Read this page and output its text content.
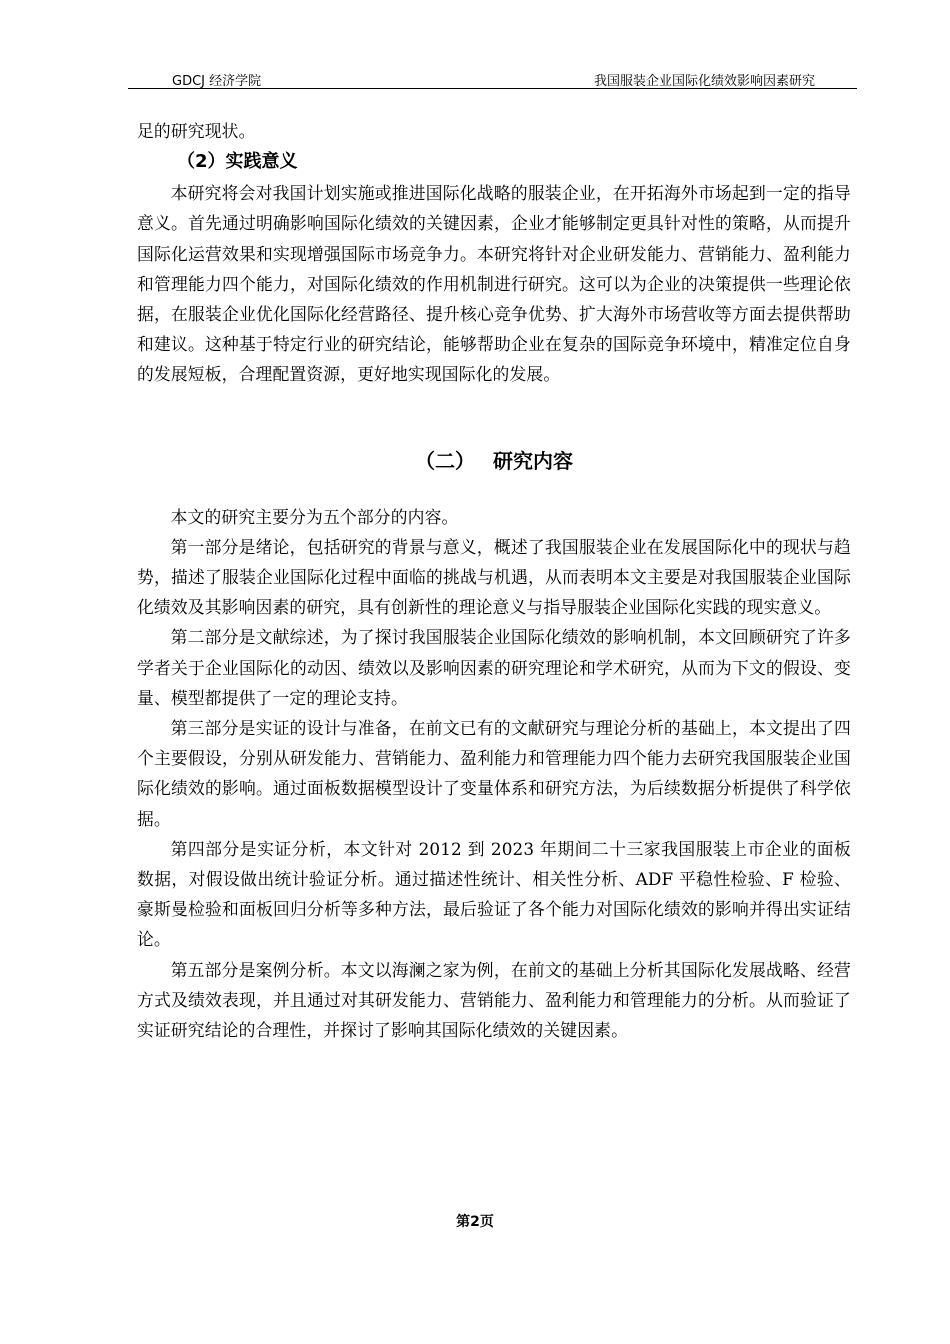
GDCJ 经济学院	我国服装企业国际化绩效影响因素研究

足的研究现状。

（2）实践意义

本研究将会对我国计划实施或推进国际化战略的服装企业，在开拓海外市场起到一定的指导意义。首先通过明确影响国际化绩效的关键因素，企业才能够制定更具针对性的策略，从而提升国际化运营效果和实现增强国际市场竞争力。本研究将针对企业研发能力、营销能力、盈利能力和管理能力四个能力，对国际化绩效的作用机制进行研究。这可以为企业的决策提供一些理论依据，在服装企业优化国际化经营路径、提升核心竞争优势、扩大海外市场营收等方面去提供帮助和建议。这种基于特定行业的研究结论，能够帮助企业在复杂的国际竞争环境中，精准定位自身的发展短板，合理配置资源，更好地实现国际化的发展。

（二） 研究内容

本文的研究主要分为五个部分的内容。

第一部分是绪论，包括研究的背景与意义，概述了我国服装企业在发展国际化中的现状与趋势，描述了服装企业国际化过程中面临的挑战与机遇，从而表明本文主要是对我国服装企业国际化绩效及其影响因素的研究，具有创新性的理论意义与指导服装企业国际化实践的现实意义。

第二部分是文献综述，为了探讨我国服装企业国际化绩效的影响机制，本文回顾研究了许多学者关于企业国际化的动因、绩效以及影响因素的研究理论和学术研究，从而为下文的假设、变量、模型都提供了一定的理论支持。

第三部分是实证的设计与准备，在前文已有的文献研究与理论分析的基础上，本文提出了四个主要假设，分别从研发能力、营销能力、盈利能力和管理能力四个能力去研究我国服装企业国际化绩效的影响。通过面板数据模型设计了变量体系和研究方法，为后续数据分析提供了科学依据。

第四部分是实证分析，本文针对 2012 到 2023 年期间二十三家我国服装上市企业的面板数据，对假设做出统计验证分析。通过描述性统计、相关性分析、ADF 平稳性检验、F 检验、豪斯曼检验和面板回归分析等多种方法，最后验证了各个能力对国际化绩效的影响并得出实证结论。

第五部分是案例分析。本文以海澜之家为例，在前文的基础上分析其国际化发展战略、经营方式及绩效表现，并且通过对其研发能力、营销能力、盈利能力和管理能力的分析。从而验证了实证研究结论的合理性，并探讨了影响其国际化绩效的关键因素。

第2页
